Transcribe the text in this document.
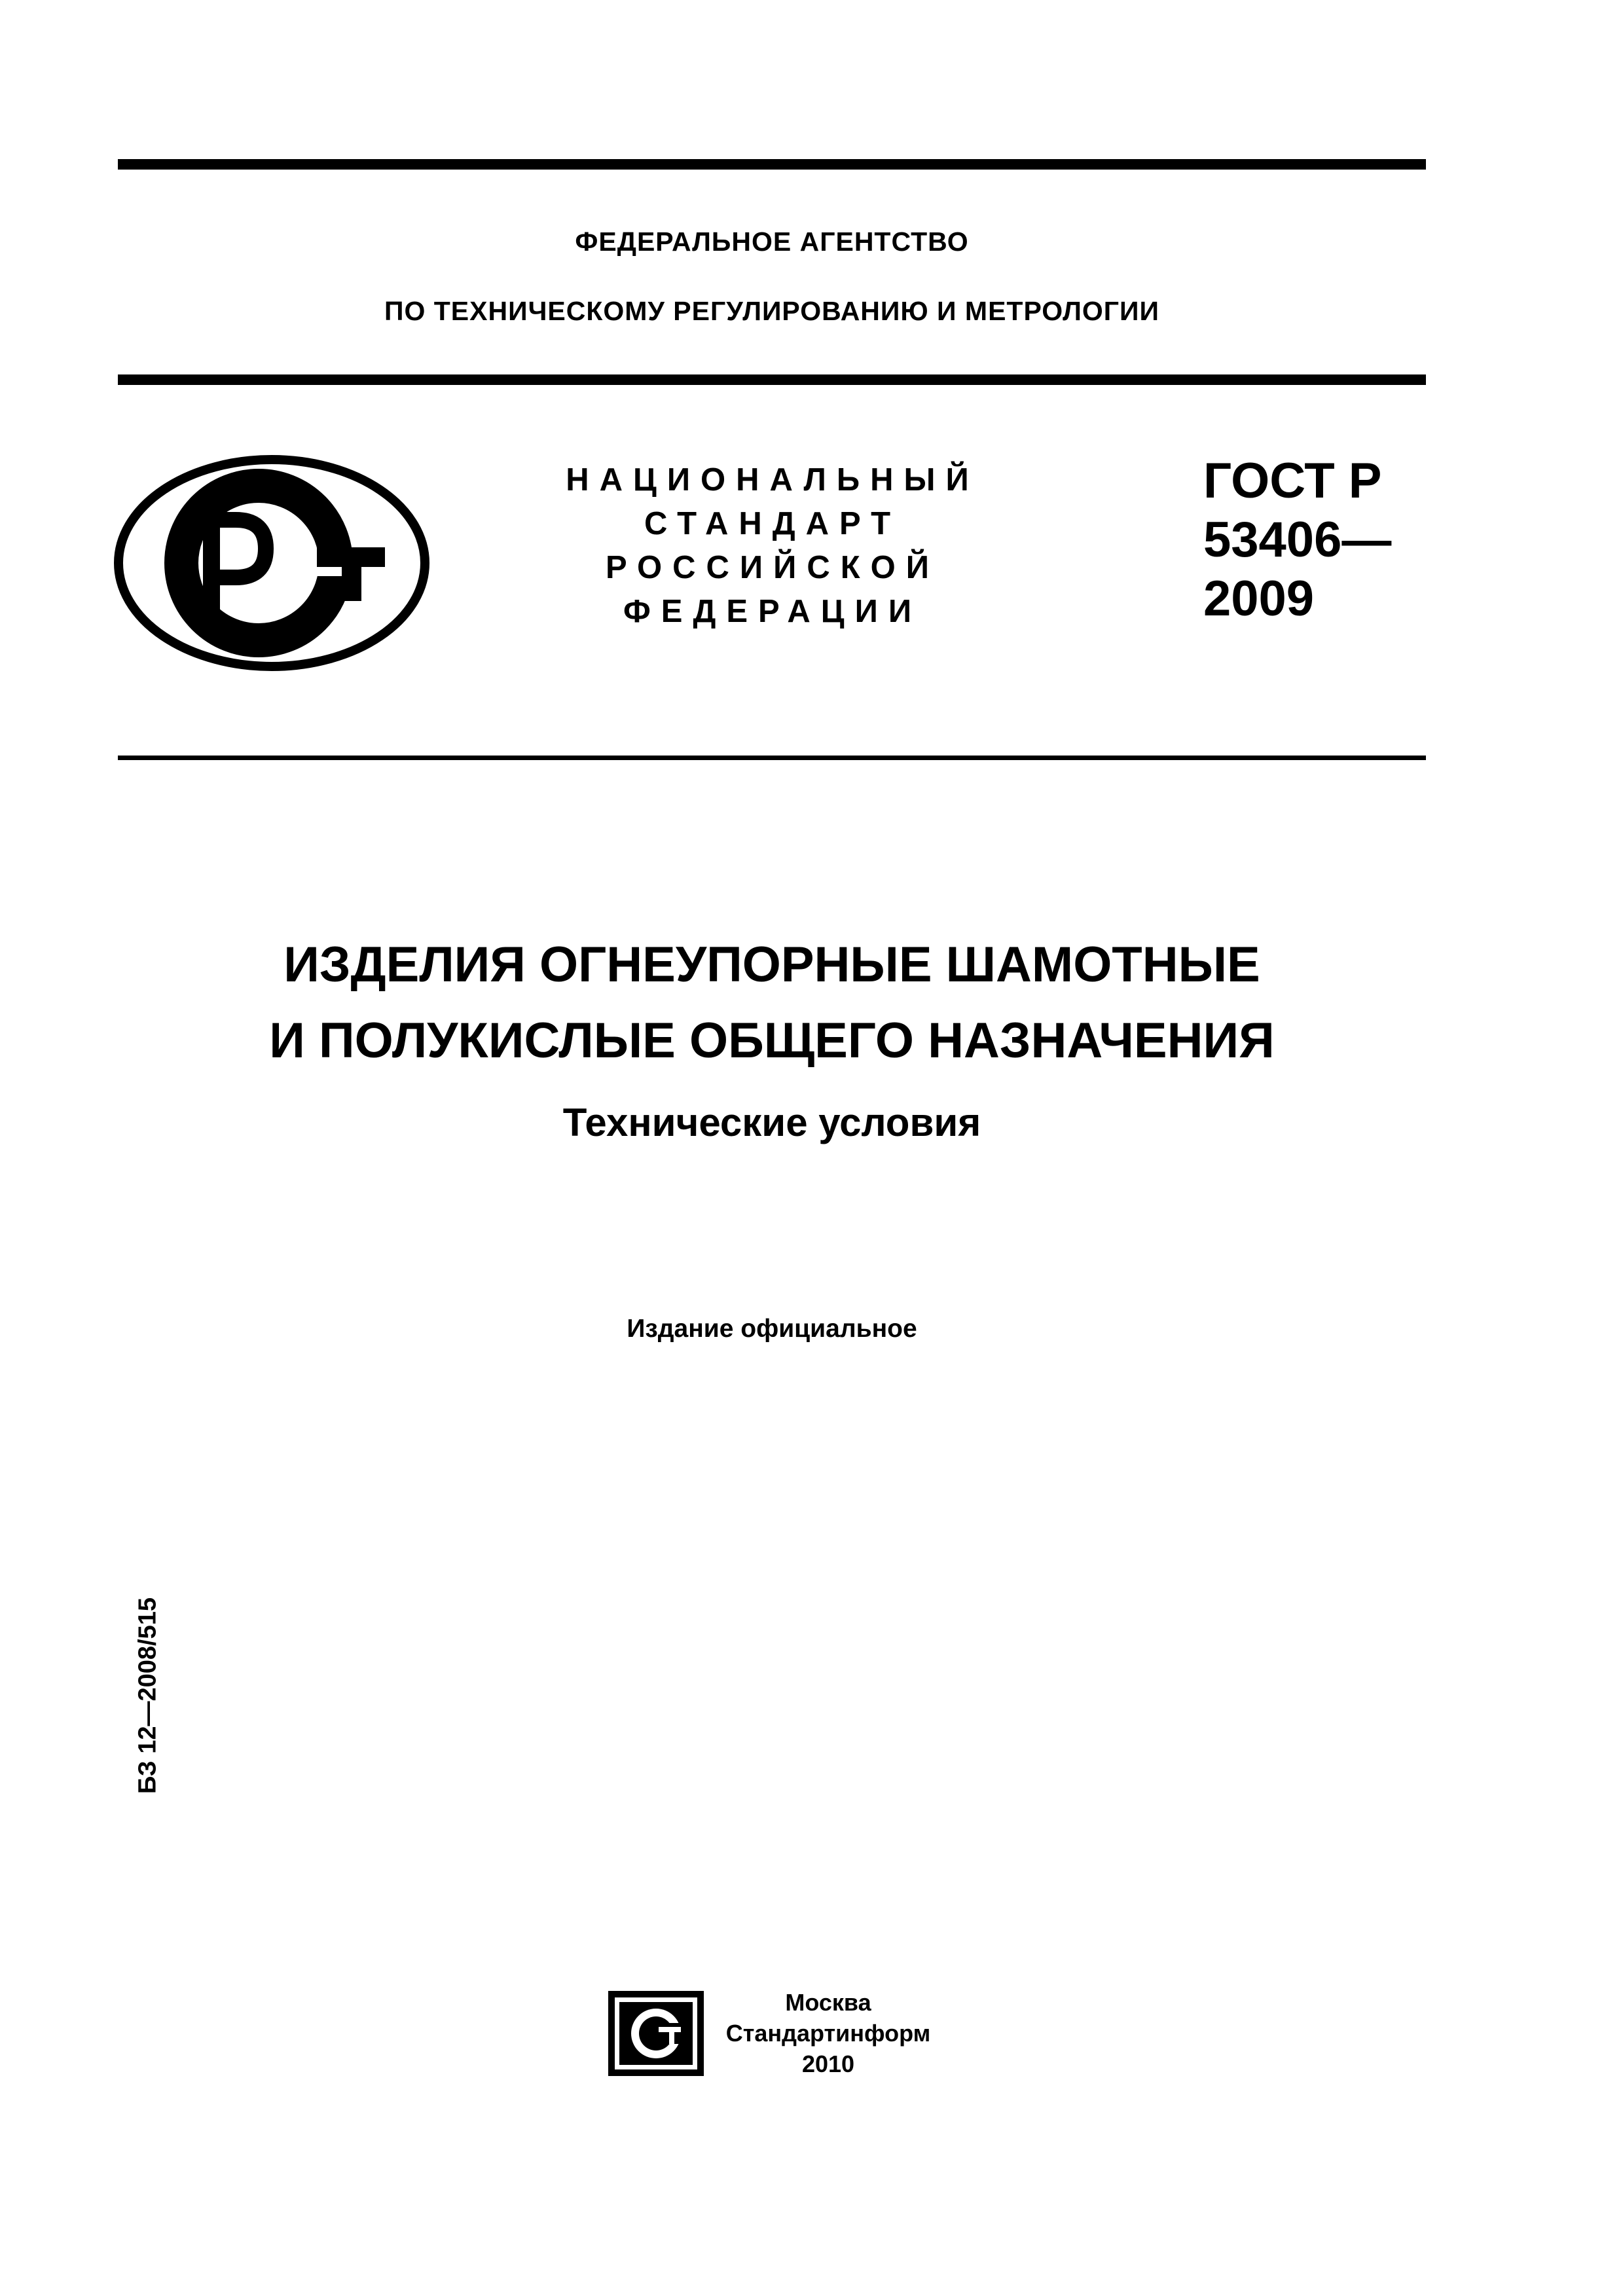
ФЕДЕРАЛЬНОЕ АГЕНТСТВО
ПО ТЕХНИЧЕСКОМУ РЕГУЛИРОВАНИЮ И МЕТРОЛОГИИ
РСТ
НАЦИОНАЛЬНЫЙ
СТАНДАРТ
РОССИЙСКОЙ
ФЕДЕРАЦИИ
ГОСТ Р
53406—
2009
ИЗДЕЛИЯ ОГНЕУПОРНЫЕ ШАМОТНЫЕ
И ПОЛУКИСЛЫЕ ОБЩЕГО НАЗНАЧЕНИЯ
Технические условия
Издание официальное
БЗ 12—2008/515
СТИ	Москва
Стандартинформ
2010
